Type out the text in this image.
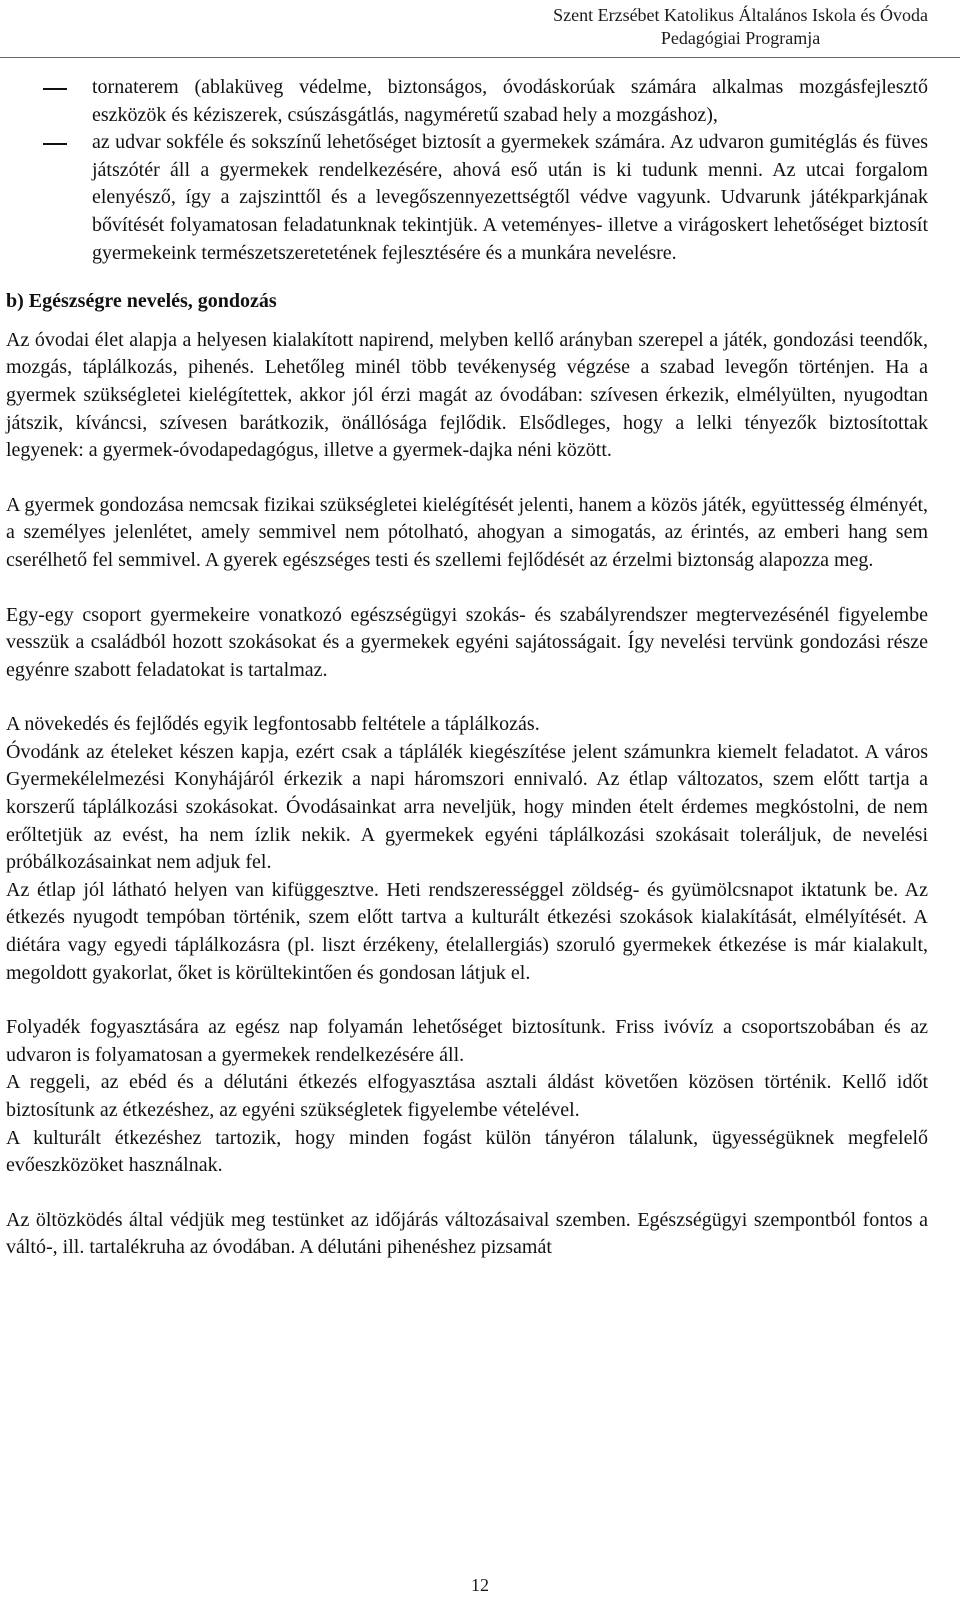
Szent Erzsébet Katolikus Általános Iskola és Óvoda
Pedagógiai Programja
tornaterem (ablaküveg védelme, biztonságos, óvodáskorúak számára alkalmas mozgásfejlesztő eszközök és kéziszerek, csúszásgátlás, nagyméretű szabad hely a mozgáshoz),
az udvar sokféle és sokszínű lehetőséget biztosít a gyermekek számára. Az udvaron gumitéglás és füves játszótér áll a gyermekek rendelkezésére, ahová eső után is ki tudunk menni. Az utcai forgalom elenyésző, így a zajszinttől és a levegőszennyezettségtől védve vagyunk. Udvarunk játékparkjának bővítését folyamatosan feladatunknak tekintjük. A veteményes- illetve a virágoskert lehetőséget biztosít gyermekeink természetszeretetének fejlesztésére és a munkára nevelésre.
b) Egészségre nevelés, gondozás

Az óvodai élet alapja a helyesen kialakított napirend, melyben kellő arányban szerepel a játék, gondozási teendők, mozgás, táplálkozás, pihenés. Lehetőleg minél több tevékenység végzése a szabad levegőn történjen. Ha a gyermek szükségletei kielégítettek, akkor jól érzi magát az óvodában: szívesen érkezik, elmélyülten, nyugodtan játszik, kíváncsi, szívesen barátkozik, önállósága fejlődik. Elsődleges, hogy a lelki tényezők biztosítottak legyenek: a gyermek-óvodapedagógus, illetve a gyermek-dajka néni között.

A gyermek gondozása nemcsak fizikai szükségletei kielégítését jelenti, hanem a közös játék, együttesség élményét, a személyes jelenlétet, amely semmivel nem pótolható, ahogyan a simogatás, az érintés, az emberi hang sem cserélhető fel semmivel. A gyerek egészséges testi és szellemi fejlődését az érzelmi biztonság alapozza meg.

Egy-egy csoport gyermekeire vonatkozó egészségügyi szokás- és szabályrendszer megtervezésénél figyelembe vesszük a családból hozott szokásokat és a gyermekek egyéni sajátosságait. Így nevelési tervünk gondozási része egyénre szabott feladatokat is tartalmaz.

A növekedés és fejlődés egyik legfontosabb feltétele a táplálkozás.

Óvodánk az ételeket készen kapja, ezért csak a táplálék kiegészítése jelent számunkra kiemelt feladatot. A város Gyermekélelmezési Konyhájáról érkezik a napi háromszori ennivaló. Az étlap változatos, szem előtt tartja a korszerű táplálkozási szokásokat. Óvodásainkat arra neveljük, hogy minden ételt érdemes megkóstolni, de nem erőltetjük az evést, ha nem ízlik nekik. A gyermekek egyéni táplálkozási szokásait toleráljuk, de nevelési próbálkozásainkat nem adjuk fel.

Az étlap jól látható helyen van kifüggesztve. Heti rendszerességgel zöldség- és gyümölcsnapot iktatunk be. Az étkezés nyugodt tempóban történik, szem előtt tartva a kulturált étkezési szokások kialakítását, elmélyítését. A diétára vagy egyedi táplálkozásra (pl. liszt érzékeny, ételallergiás) szoruló gyermekek étkezése is már kialakult, megoldott gyakorlat, őket is körültekintően és gondosan látjuk el.

Folyadék fogyasztására az egész nap folyamán lehetőséget biztosítunk. Friss ivóvíz a csoportszobában és az udvaron is folyamatosan a gyermekek rendelkezésére áll.

A reggeli, az ebéd és a délutáni étkezés elfogyasztása asztali áldást követően közösen történik. Kellő időt biztosítunk az étkezéshez, az egyéni szükségletek figyelembe vételével.

A kulturált étkezéshez tartozik, hogy minden fogást külön tányéron tálalunk, ügyességüknek megfelelő evőeszközöket használnak.

Az öltözködés által védjük meg testünket az időjárás változásaival szemben. Egészségügyi szempontból fontos a váltó-, ill. tartalékruha az óvodában. A délutáni pihenéshez pizsamát

12
